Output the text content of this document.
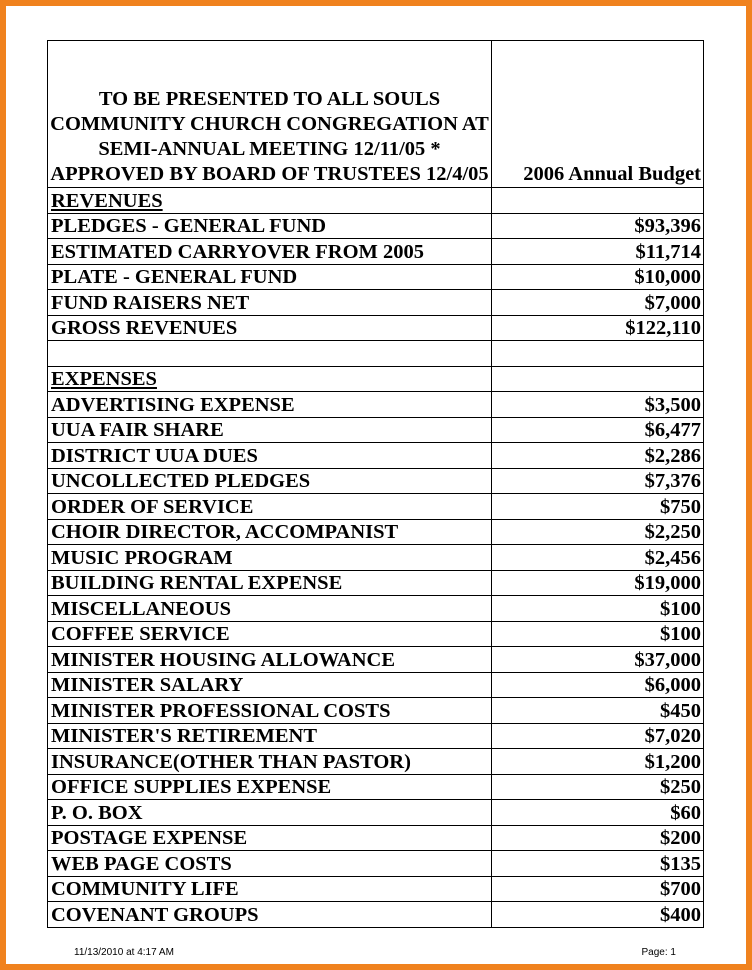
TO BE PRESENTED TO ALL SOULS COMMUNITY CHURCH CONGREGATION AT SEMI-ANNUAL MEETING 12/11/05 * APPROVED BY BOARD OF TRUSTEES 12/4/05	2006 Annual Budget
REVENUES	
PLEDGES - GENERAL FUND	$93,396
ESTIMATED CARRYOVER FROM 2005	$11,714
PLATE - GENERAL FUND	$10,000
FUND RAISERS NET	$7,000
GROSS REVENUES	$122,110

EXPENSES	
ADVERTISING EXPENSE	$3,500
UUA FAIR SHARE	$6,477
DISTRICT UUA DUES	$2,286
UNCOLLECTED PLEDGES	$7,376
ORDER OF SERVICE	$750
CHOIR DIRECTOR, ACCOMPANIST	$2,250
MUSIC PROGRAM	$2,456
BUILDING RENTAL EXPENSE	$19,000
MISCELLANEOUS	$100
COFFEE SERVICE	$100
MINISTER HOUSING ALLOWANCE	$37,000
MINISTER SALARY	$6,000
MINISTER PROFESSIONAL COSTS	$450
MINISTER'S RETIREMENT	$7,020
INSURANCE(OTHER THAN PASTOR)	$1,200
OFFICE SUPPLIES EXPENSE	$250
P. O. BOX	$60
POSTAGE EXPENSE	$200
WEB PAGE COSTS	$135
COMMUNITY LIFE	$700
COVENANT GROUPS	$400
11/13/2010 at 4:17 AM	Page: 1
